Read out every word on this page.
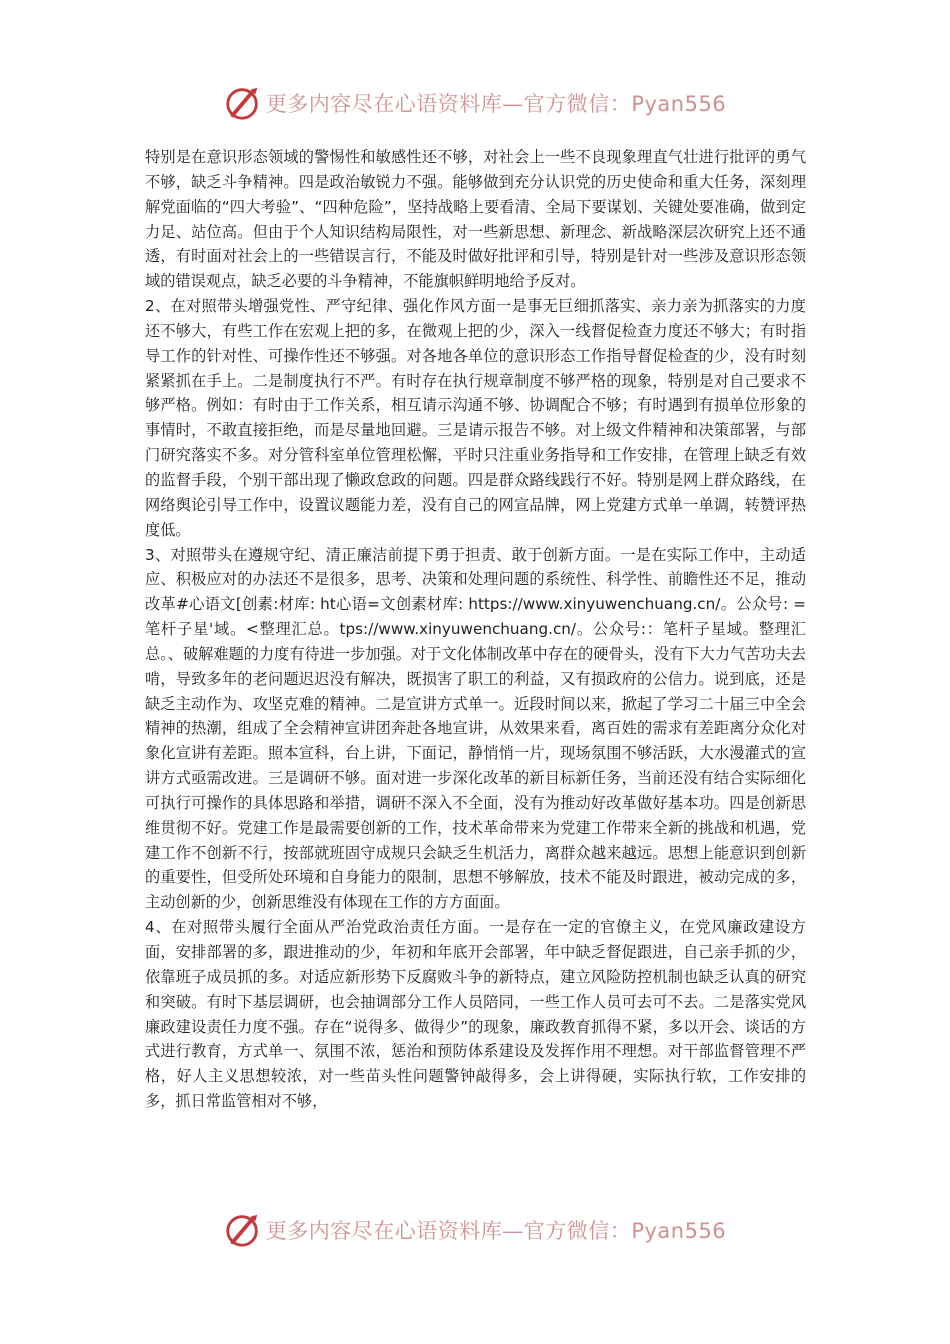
更多内容尽在心语资料库—官方微信：Pyan556

特别是在意识形态领域的警惕性和敏感性还不够，对社会上一些不良现象理直气壮进行批评的勇气不够，缺乏斗争精神。四是政治敏锐力不强。能够做到充分认识党的历史使命和重大任务，深刻理解党面临的“四大考验”、“四种危险”，坚持战略上要看清、全局下要谋划、关键处要准确，做到定力足、站位高。但由于个人知识结构局限性，对一些新思想、新理念、新战略深层次研究上还不通透，有时面对社会上的一些错误言行，不能及时做好批评和引导，特别是针对一些涉及意识形态领域的错误观点，缺乏必要的斗争精神，不能旗帜鲜明地给予反对。

2、在对照带头增强党性、严守纪律、强化作风方面一是事无巨细抓落实、亲力亲为抓落实的力度还不够大，有些工作在宏观上把的多，在微观上把的少，深入一线督促检查力度还不够大；有时指导工作的针对性、可操作性还不够强。对各地各单位的意识形态工作指导督促检查的少，没有时刻紧紧抓在手上。二是制度执行不严。有时存在执行规章制度不够严格的现象，特别是对自己要求不够严格。例如：有时由于工作关系，相互请示沟通不够、协调配合不够；有时遇到有损单位形象的事情时，不敢直接拒绝，而是尽量地回避。三是请示报告不够。对上级文件精神和决策部署，与部门研究落实不多。对分管科室单位管理松懈，平时只注重业务指导和工作安排，在管理上缺乏有效的监督手段，个别干部出现了懒政怠政的问题。四是群众路线践行不好。特别是网上群众路线，在网络舆论引导工作中，设置议题能力差，没有自己的网宣品牌，网上党建方式单一单调，转赞评热度低。

3、对照带头在遵规守纪、清正廉洁前提下勇于担责、敢于创新方面。一是在实际工作中，主动适应、积极应对的办法还不是很多，思考、决策和处理问题的系统性、科学性、前瞻性还不足，推动改革#心语文[创素:材库: ht心语=文创素材库: https://www.xinyuwenchuang.cn/。公众号: =笔杆子星'域。<整理汇总。tps://www.xinyuwenchuang.cn/。公众号:：笔杆子星域。整理汇总。、破解难题的力度有待进一步加强。对于文化体制改革中存在的硬骨头，没有下大力气苦功夫去啃，导致多年的老问题迟迟没有解决，既损害了职工的利益，又有损政府的公信力。说到底，还是缺乏主动作为、攻坚克难的精神。二是宣讲方式单一。近段时间以来，掀起了学习二十届三中全会精神的热潮，组成了全会精神宣讲团奔赴各地宣讲，从效果来看，离百姓的需求有差距离分众化对象化宣讲有差距。照本宣科，台上讲，下面记，静悄悄一片，现场氛围不够活跃，大水漫灌式的宣讲方式亟需改进。三是调研不够。面对进一步深化改革的新目标新任务，当前还没有结合实际细化可执行可操作的具体思路和举措，调研不深入不全面，没有为推动好改革做好基本功。四是创新思维贯彻不好。党建工作是最需要创新的工作，技术革命带来为党建工作带来全新的挑战和机遇，党建工作不创新不行，按部就班固守成规只会缺乏生机活力，离群众越来越远。思想上能意识到创新的重要性，但受所处环境和自身能力的限制，思想不够解放，技术不能及时跟进，被动完成的多，主动创新的少，创新思维没有体现在工作的方方面面。

4、在对照带头履行全面从严治党政治责任方面。一是存在一定的官僚主义，在党风廉政建设方面，安排部署的多，跟进推动的少，年初和年底开会部署，年中缺乏督促跟进，自己亲手抓的少，依靠班子成员抓的多。对适应新形势下反腐败斗争的新特点，建立风险防控机制也缺乏认真的研究和突破。有时下基层调研，也会抽调部分工作人员陪同，一些工作人员可去可不去。二是落实党风廉政建设责任力度不强。存在“说得多、做得少”的现象，廉政教育抓得不紧，多以开会、谈话的方式进行教育，方式单一、氛围不浓，惩治和预防体系建设及发挥作用不理想。对干部监督管理不严格，好人主义思想较浓，对一些苗头性问题警钟敲得多，会上讲得硬，实际执行软，工作安排的多，抓日常监管相对不够，

更多内容尽在心语资料库—官方微信：Pyan556
